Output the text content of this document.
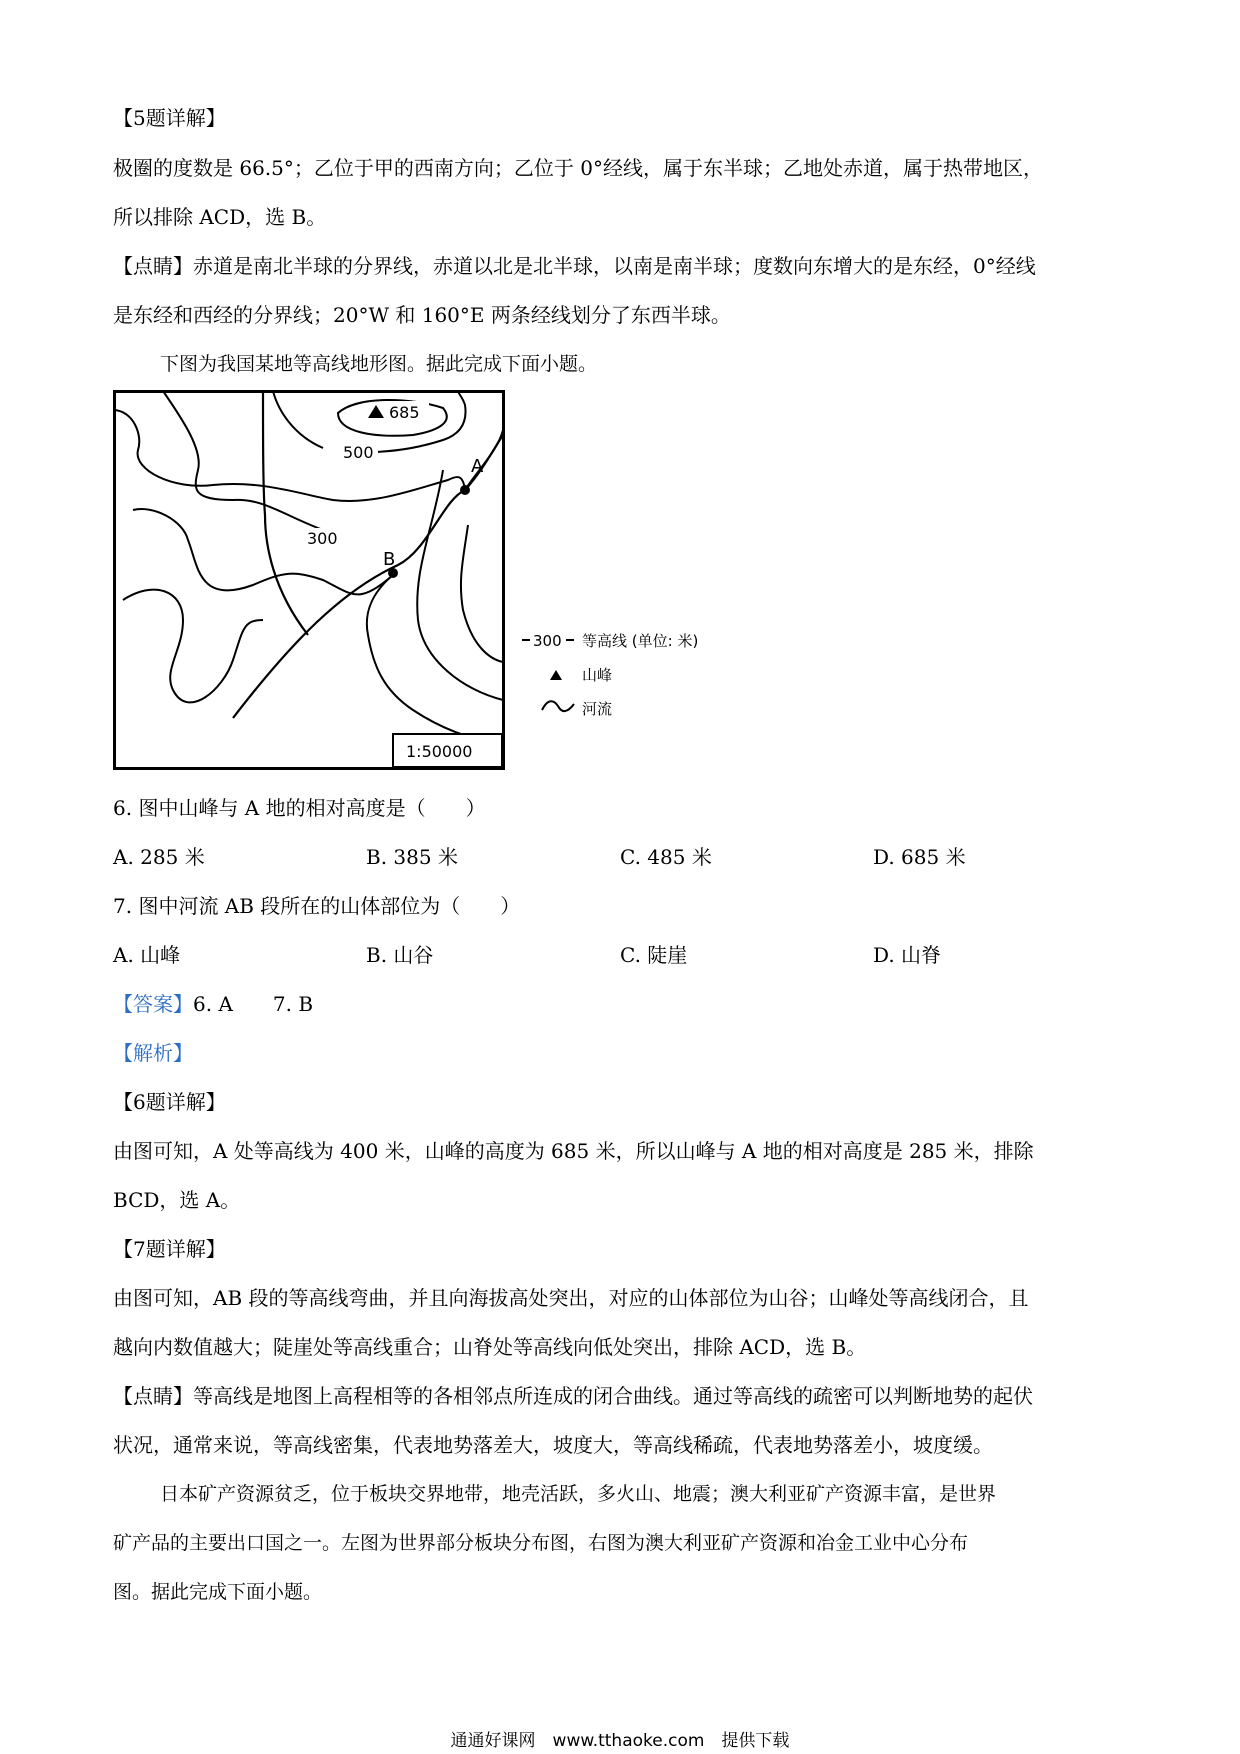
【5题详解】
极圈的度数是 66.5°；乙位于甲的西南方向；乙位于 0°经线，属于东半球；乙地处赤道，属于热带地区，
所以排除 ACD，选 B。
【点睛】赤道是南北半球的分界线，赤道以北是北半球，以南是南半球；度数向东增大的是东经，0°经线
是东经和西经的分界线；20°W 和 160°E 两条经线划分了东西半球。
下图为我国某地等高线地形图。据此完成下面小题。
685
500
300
A
B
1:50000
300 等高线 (单位: 米)
山峰
河流
6. 图中山峰与 A 地的相对高度是（　　）
A. 285 米	B. 385 米	C. 485 米	D. 685 米
7. 图中河流 AB 段所在的山体部位为（　　）
A. 山峰	B. 山谷	C. 陡崖	D. 山脊
【答案】6. A　　7. B
【解析】
【6题详解】
由图可知，A 处等高线为 400 米，山峰的高度为 685 米，所以山峰与 A 地的相对高度是 285 米，排除
BCD，选 A。
【7题详解】
由图可知，AB 段的等高线弯曲，并且向海拔高处突出，对应的山体部位为山谷；山峰处等高线闭合，且
越向内数值越大；陡崖处等高线重合；山脊处等高线向低处突出，排除 ACD，选 B。
【点睛】等高线是地图上高程相等的各相邻点所连成的闭合曲线。通过等高线的疏密可以判断地势的起伏
状况，通常来说，等高线密集，代表地势落差大，坡度大，等高线稀疏，代表地势落差小，坡度缓。
日本矿产资源贫乏，位于板块交界地带，地壳活跃，多火山、地震；澳大利亚矿产资源丰富，是世界
矿产品的主要出口国之一。左图为世界部分板块分布图，右图为澳大利亚矿产资源和冶金工业中心分布
图。据此完成下面小题。
通通好课网　www.tthaoke.com　提供下载
